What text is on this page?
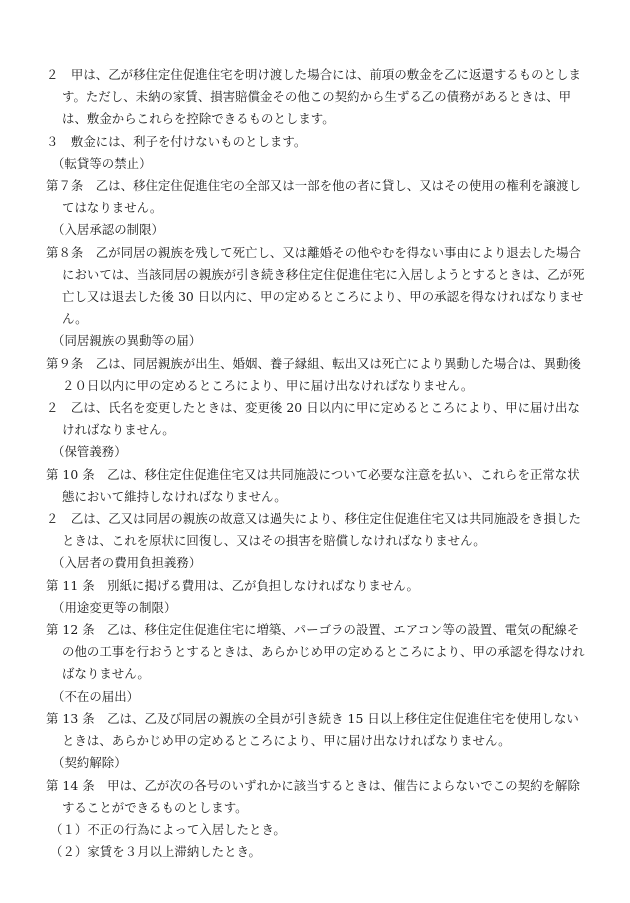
２　甲は、乙が移住定住促進住宅を明け渡した場合には、前項の敷金を乙に返還するものとします。ただし、未納の家賃、損害賠償金その他この契約から生ずる乙の債務があるときは、甲は、敷金からこれらを控除できるものとします。

３　敷金には、利子を付けないものとします。

（転貸等の禁止）

第７条　乙は、移住定住促進住宅の全部又は一部を他の者に貸し、又はその使用の権利を譲渡してはなりません。

（入居承認の制限）

第８条　乙が同居の親族を残して死亡し、又は離婚その他やむを得ない事由により退去した場合においては、当該同居の親族が引き続き移住定住促進住宅に入居しようとするときは、乙が死亡し又は退去した後 30 日以内に、甲の定めるところにより、甲の承認を得なければなりません。

（同居親族の異動等の届）

第９条　乙は、同居親族が出生、婚姻、養子縁組、転出又は死亡により異動した場合は、異動後２０日以内に甲の定めるところにより、甲に届け出なければなりません。

２　乙は、氏名を変更したときは、変更後 20 日以内に甲に定めるところにより、甲に届け出なければなりません。

（保管義務）

第 10 条　乙は、移住定住促進住宅又は共同施設について必要な注意を払い、これらを正常な状態において維持しなければなりません。

２　乙は、乙又は同居の親族の故意又は過失により、移住定住促進住宅又は共同施設をき損したときは、これを原状に回復し、又はその損害を賠償しなければなりません。

（入居者の費用負担義務）

第 11 条　別紙に掲げる費用は、乙が負担しなければなりません。

（用途変更等の制限）

第 12 条　乙は、移住定住促進住宅に増築、パーゴラの設置、エアコン等の設置、電気の配線その他の工事を行おうとするときは、あらかじめ甲の定めるところにより、甲の承認を得なければなりません。

（不在の届出）

第 13 条　乙は、乙及び同居の親族の全員が引き続き 15 日以上移住定住促進住宅を使用しないときは、あらかじめ甲の定めるところにより、甲に届け出なければなりません。

（契約解除）

第 14 条　甲は、乙が次の各号のいずれかに該当するときは、催告によらないでこの契約を解除することができるものとします。

（１）不正の行為によって入居したとき。

（２）家賃を３月以上滞納したとき。
